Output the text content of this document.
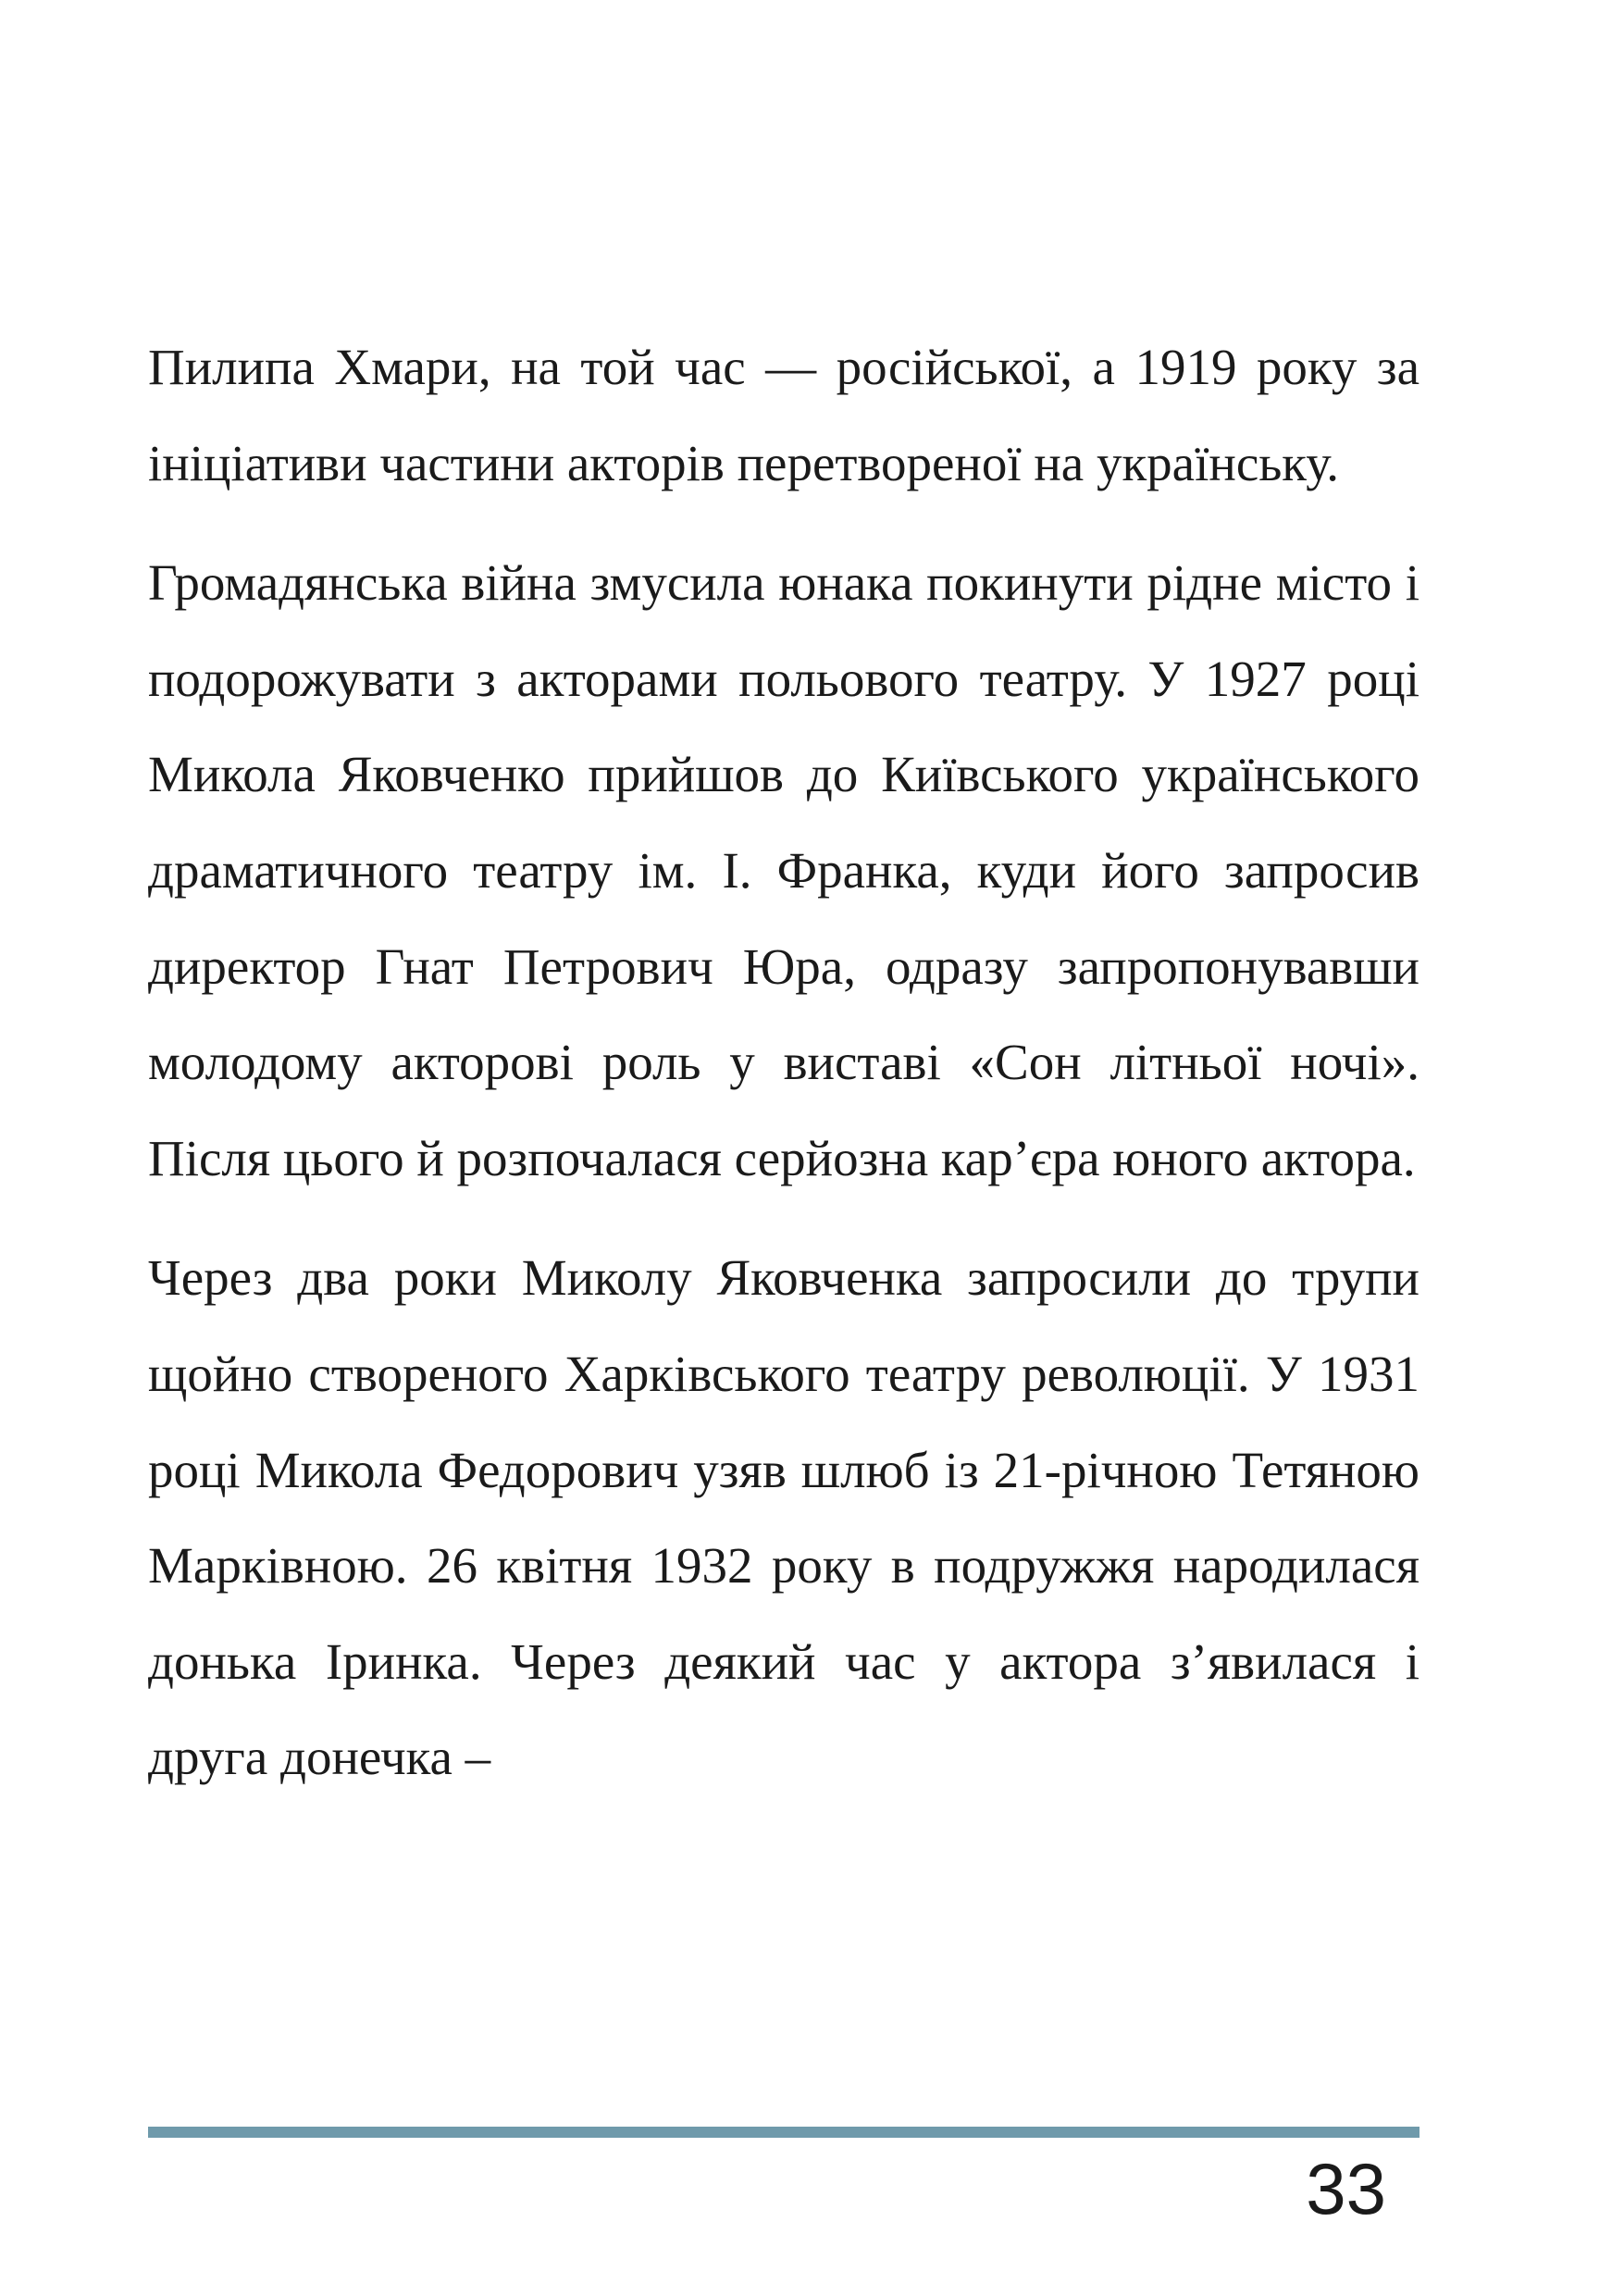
Пилипа Хмари, на той час — російської, а 1919 року за ініціативи частини акторів перетвореної на українську.

Громадянська війна змусила юнака покинути рідне місто і подорожувати з акторами польового театру. У 1927 році Микола Яковченко прийшов до Київського українського драматичного театру ім. І. Франка, куди його запросив директор Гнат Петрович Юра, одразу запропонувавши молодому акторові роль у виставі «Сон літньої ночі». Після цього й розпочалася серйозна кар’єра юного актора.

Через два роки Миколу Яковченка запросили до трупи щойно створеного Харківського театру революції. У 1931 році Микола Федорович узяв шлюб із 21-річною Тетяною Марківною. 26 квітня 1932 року в подружжя народилася донька Іринка. Через деякий час у актора з’явилася і друга донечка –

33
